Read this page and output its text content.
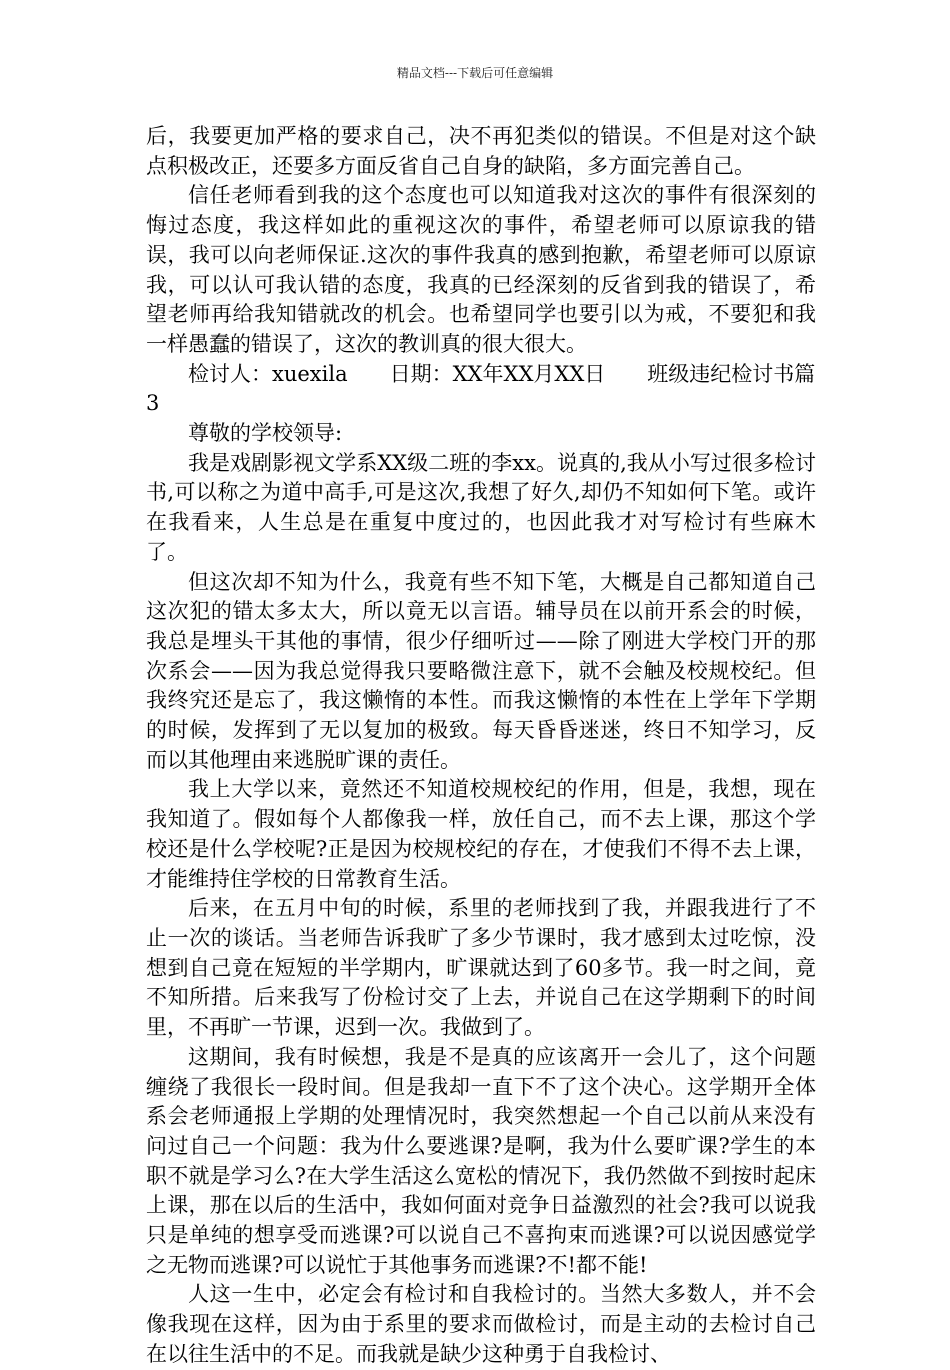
精品文档---下载后可任意编辑

后，我要更加严格的要求自己，决不再犯类似的错误。不但是对这个缺点积极改正，还要多方面反省自己自身的缺陷，多方面完善自己。

信任老师看到我的这个态度也可以知道我对这次的事件有很深刻的悔过态度，我这样如此的重视这次的事件，希望老师可以原谅我的错误，我可以向老师保证.这次的事件我真的感到抱歉，希望老师可以原谅我，可以认可我认错的态度，我真的已经深刻的反省到我的错误了，希望老师再给我知错就改的机会。也希望同学也要引以为戒，不要犯和我一样愚蠢的错误了，这次的教训真的很大很大。

检讨人：xuexila　　日期：XX年XX月XX日　　班级违纪检讨书篇3

尊敬的学校领导:

我是戏剧影视文学系XX级二班的李xx。说真的,我从小写过很多检讨书,可以称之为道中高手,可是这次,我想了好久,却仍不知如何下笔。或许在我看来，人生总是在重复中度过的，也因此我才对写检讨有些麻木了。

但这次却不知为什么，我竟有些不知下笔，大概是自己都知道自己这次犯的错太多太大，所以竟无以言语。辅导员在以前开系会的时候，我总是埋头干其他的事情，很少仔细听过——除了刚进大学校门开的那次系会——因为我总觉得我只要略微注意下，就不会触及校规校纪。但我终究还是忘了，我这懒惰的本性。而我这懒惰的本性在上学年下学期的时候，发挥到了无以复加的极致。每天昏昏迷迷，终日不知学习，反而以其他理由来逃脱旷课的责任。

我上大学以来，竟然还不知道校规校纪的作用，但是，我想，现在我知道了。假如每个人都像我一样，放任自己，而不去上课，那这个学校还是什么学校呢?正是因为校规校纪的存在，才使我们不得不去上课，才能维持住学校的日常教育生活。

后来，在五月中旬的时候，系里的老师找到了我，并跟我进行了不止一次的谈话。当老师告诉我旷了多少节课时，我才感到太过吃惊，没想到自己竟在短短的半学期内，旷课就达到了60多节。我一时之间，竟不知所措。后来我写了份检讨交了上去，并说自己在这学期剩下的时间里，不再旷一节课，迟到一次。我做到了。

这期间，我有时候想，我是不是真的应该离开一会儿了，这个问题缠绕了我很长一段时间。但是我却一直下不了这个决心。这学期开全体系会老师通报上学期的处理情况时，我突然想起一个自己以前从来没有问过自己一个问题：我为什么要逃课?是啊，我为什么要旷课?学生的本职不就是学习么?在大学生活这么宽松的情况下，我仍然做不到按时起床上课，那在以后的生活中，我如何面对竞争日益激烈的社会?我可以说我只是单纯的想享受而逃课?可以说自己不喜拘束而逃课?可以说因感觉学之无物而逃课?可以说忙于其他事务而逃课?不!都不能!

人这一生中，必定会有检讨和自我检讨的。当然大多数人，并不会像我现在这样，因为由于系里的要求而做检讨，而是主动的去检讨自己在以往生活中的不足。而我就是缺少这种勇于自我检讨、
